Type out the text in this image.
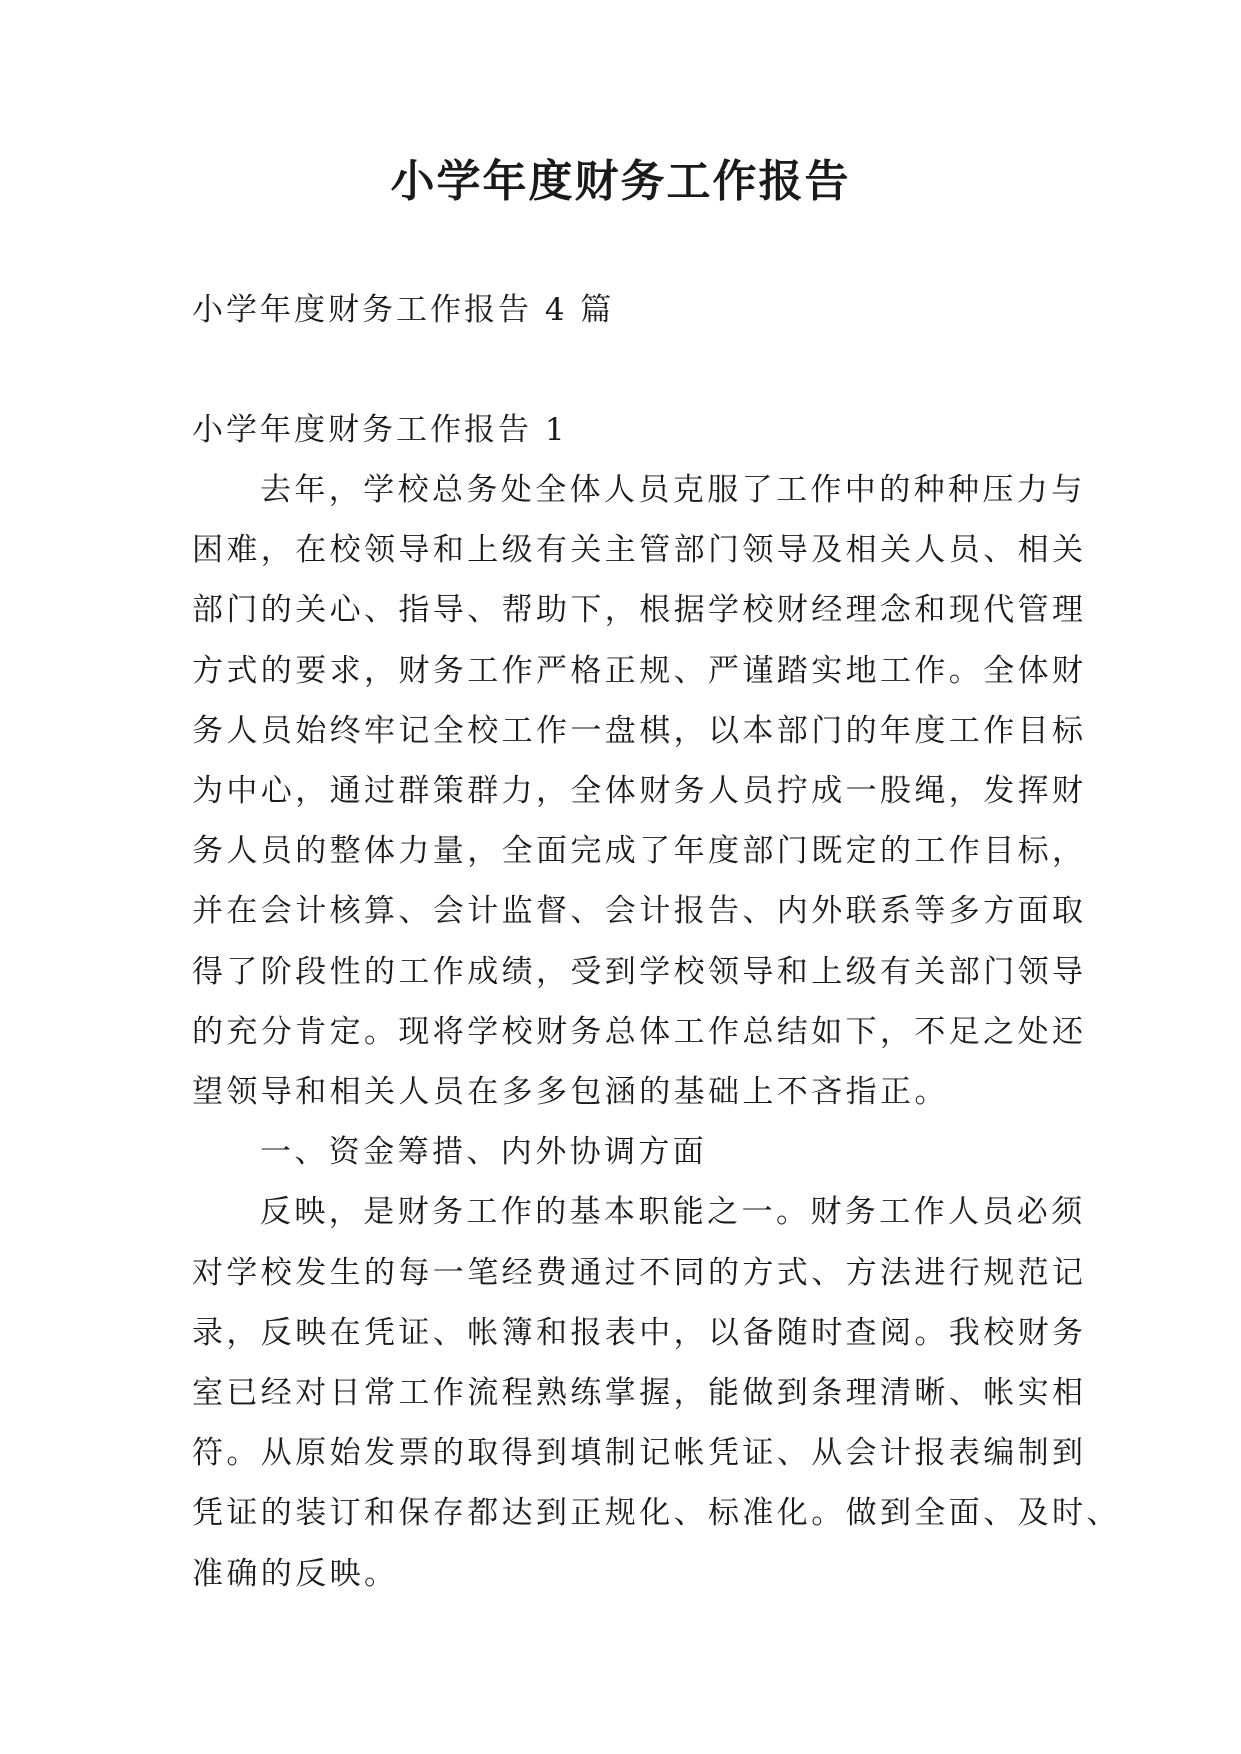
小学年度财务工作报告
小学年度财务工作报告 4 篇
小学年度财务工作报告 1
去年，学校总务处全体人员克服了工作中的种种压力与
困难，在校领导和上级有关主管部门领导及相关人员、相关
部门的关心、指导、帮助下，根据学校财经理念和现代管理
方式的要求，财务工作严格正规、严谨踏实地工作。全体财
务人员始终牢记全校工作一盘棋，以本部门的年度工作目标
为中心，通过群策群力，全体财务人员拧成一股绳，发挥财
务人员的整体力量，全面完成了年度部门既定的工作目标，
并在会计核算、会计监督、会计报告、内外联系等多方面取
得了阶段性的工作成绩，受到学校领导和上级有关部门领导
的充分肯定。现将学校财务总体工作总结如下，不足之处还
望领导和相关人员在多多包涵的基础上不吝指正。
一、资金筹措、内外协调方面
反映，是财务工作的基本职能之一。财务工作人员必须
对学校发生的每一笔经费通过不同的方式、方法进行规范记
录，反映在凭证、帐簿和报表中，以备随时查阅。我校财务
室已经对日常工作流程熟练掌握，能做到条理清晰、帐实相
符。从原始发票的取得到填制记帐凭证、从会计报表编制到
凭证的装订和保存都达到正规化、标准化。做到全面、及时、
准确的反映。
